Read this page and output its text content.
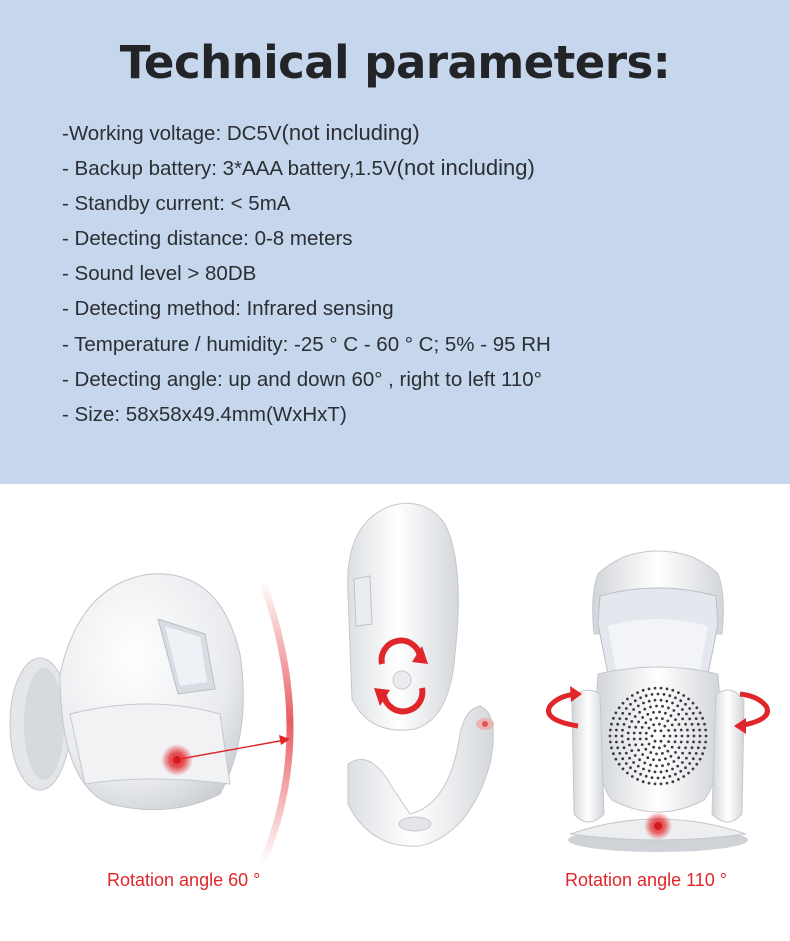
Technical parameters:
-Working voltage: DC5V(not including)
- Backup battery: 3*AAA battery,1.5V(not including)
- Standby current: < 5mA
- Detecting distance: 0-8 meters
- Sound level > 80DB
- Detecting method: Infrared sensing
- Temperature / humidity: -25 ° C - 60 ° C; 5% - 95 RH
- Detecting angle: up and down 60° , right to left 110°
- Size: 58x58x49.4mm(WxHxT)
Rotation angle 60 °	Rotation angle 110 °
